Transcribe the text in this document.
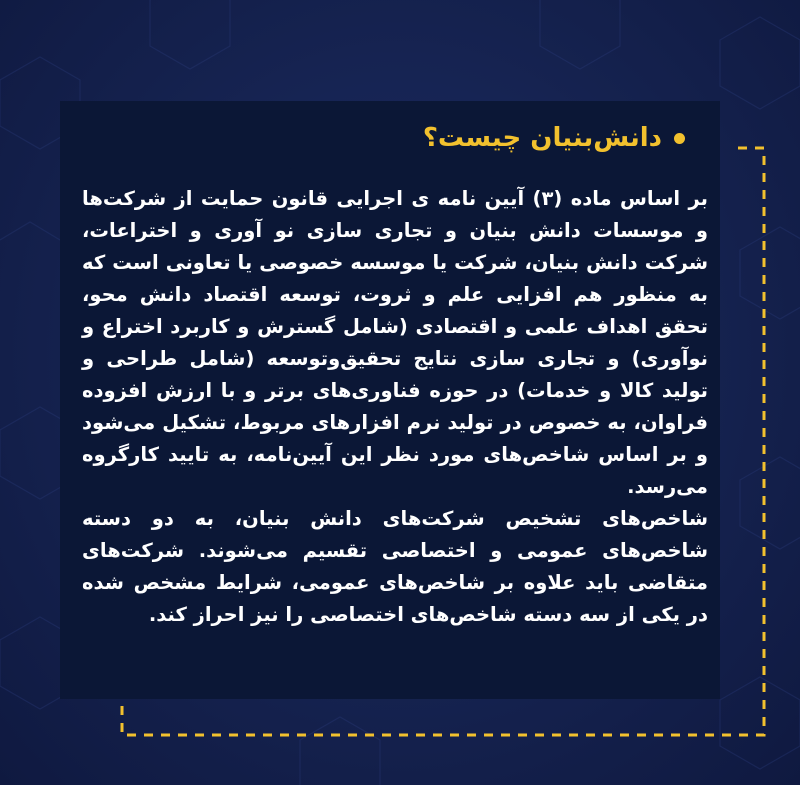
دانش‌بنیان چیست؟

بر اساس ماده (۳) آیین نامه ی اجرایی قانون حمایت از شرکت‌ها و موسسات دانش بنیان و تجاری سازی نو آوری و اختراعات، شرکت دانش بنیان، شرکت یا موسسه خصوصی یا تعاونی است که به منظور هم افزایی علم و ثروت، توسعه اقتصاد دانش محو، تحقق اهداف علمی و اقتصادی (شامل گسترش و کاربرد اختراع و نوآوری) و تجاری سازی نتایج تحقیق‌وتوسعه (شامل طراحی و تولید کالا و خدمات) در حوزه فناوری‌های برتر و با ارزش افزوده فراوان، به خصوص در تولید نرم افزارهای مربوط، تشکیل می‌شود و بر اساس شاخص‌های مورد نظر این آیین‌نامه، به تایید کارگروه می‌رسد.

شاخص‌های تشخیص شرکت‌های دانش بنیان، به دو دسته شاخص‌های عمومی و اختصاصی تقسیم می‌شوند. شرکت‌های متقاضی باید علاوه بر شاخص‌های عمومی، شرایط مشخص شده در یکی از سه دسته شاخص‌های اختصاصی را نیز احراز کند.
